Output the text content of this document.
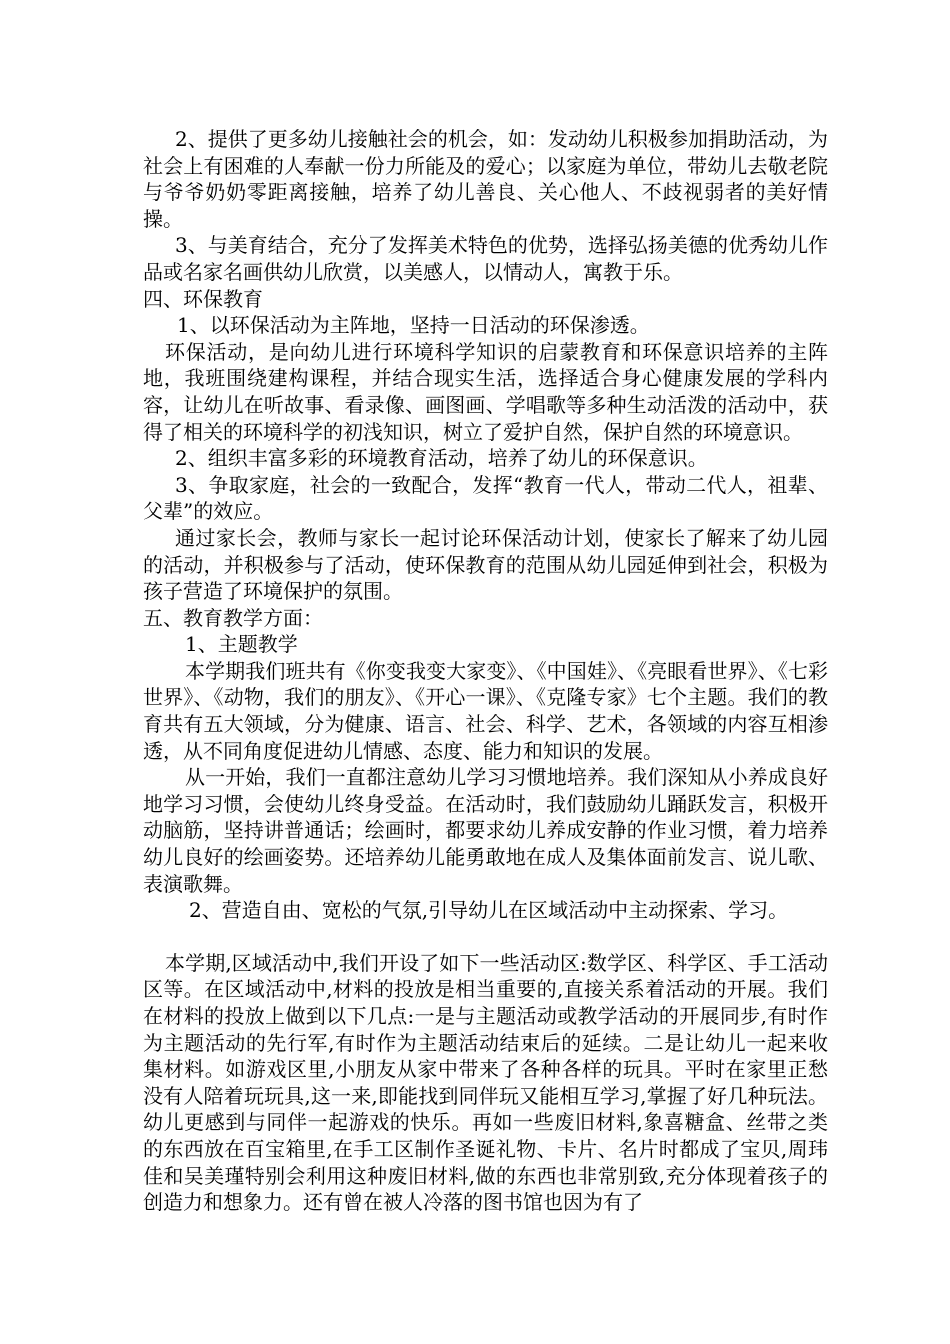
2、提供了更多幼儿接触社会的机会，如：发动幼儿积极参加捐助活动，为社会上有困难的人奉献一份力所能及的爱心；以家庭为单位，带幼儿去敬老院与爷爷奶奶零距离接触，培养了幼儿善良、关心他人、不歧视弱者的美好情操。

3、与美育结合，充分了发挥美术特色的优势，选择弘扬美德的优秀幼儿作品或名家名画供幼儿欣赏，以美感人，以情动人，寓教于乐。

四、环保教育

1、以环保活动为主阵地，坚持一日活动的环保渗透。

环保活动，是向幼儿进行环境科学知识的启蒙教育和环保意识培养的主阵地，我班围绕建构课程，并结合现实生活，选择适合身心健康发展的学科内容，让幼儿在听故事、看录像、画图画、学唱歌等多种生动活泼的活动中，获得了相关的环境科学的初浅知识，树立了爱护自然，保护自然的环境意识。

2、组织丰富多彩的环境教育活动，培养了幼儿的环保意识。

3、争取家庭，社会的一致配合，发挥“教育一代人，带动二代人，祖辈、父辈”的效应。

通过家长会，教师与家长一起讨论环保活动计划，使家长了解来了幼儿园的活动，并积极参与了活动，使环保教育的范围从幼儿园延伸到社会，积极为孩子营造了环境保护的氛围。

五、教育教学方面：

1、主题教学

本学期我们班共有《你变我变大家变》、《中国娃》、《亮眼看世界》、《七彩世界》、《动物，我们的朋友》、《开心一课》、《克隆专家》七个主题。我们的教育共有五大领域，分为健康、语言、社会、科学、艺术，各领域的内容互相渗透，从不同角度促进幼儿情感、态度、能力和知识的发展。

从一开始，我们一直都注意幼儿学习习惯地培养。我们深知从小养成良好地学习习惯，会使幼儿终身受益。在活动时，我们鼓励幼儿踊跃发言，积极开动脑筋，坚持讲普通话；绘画时，都要求幼儿养成安静的作业习惯，着力培养幼儿良好的绘画姿势。还培养幼儿能勇敢地在成人及集体面前发言、说儿歌、表演歌舞。

2、营造自由、宽松的气氛,引导幼儿在区域活动中主动探索、学习。

本学期,区域活动中,我们开设了如下一些活动区:数学区、科学区、手工活动区等。在区域活动中,材料的投放是相当重要的,直接关系着活动的开展。我们在材料的投放上做到以下几点:一是与主题活动或教学活动的开展同步,有时作为主题活动的先行军,有时作为主题活动结束后的延续。二是让幼儿一起来收集材料。如游戏区里,小朋友从家中带来了各种各样的玩具。平时在家里正愁没有人陪着玩玩具,这一来,即能找到同伴玩又能相互学习,掌握了好几种玩法。幼儿更感到与同伴一起游戏的快乐。再如一些废旧材料,象喜糖盒、丝带之类的东西放在百宝箱里,在手工区制作圣诞礼物、卡片、名片时都成了宝贝,周玮佳和吴美瑾特别会利用这种废旧材料,做的东西也非常别致,充分体现着孩子的创造力和想象力。还有曾在被人冷落的图书馆也因为有了
